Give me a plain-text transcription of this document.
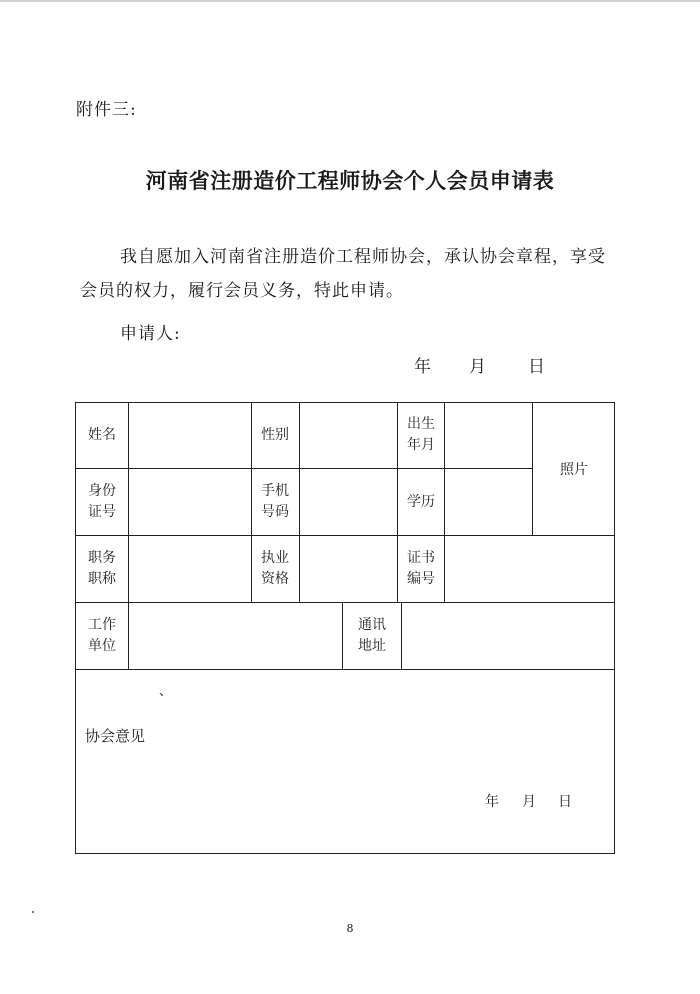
附件三:
河南省注册造价工程师协会个人会员申请表
我自愿加入河南省注册造价工程师协会，承认协会章程，享受会员的权力，履行会员义务，特此申请。
申请人:
年 月 日
姓名	性别
出生
年月
照片
身份
证号
手机
号码
学历
职务
职称
执业
资格
证书
编号
工作
单位
通讯
地址
、
协会意见
年 月 日
8
